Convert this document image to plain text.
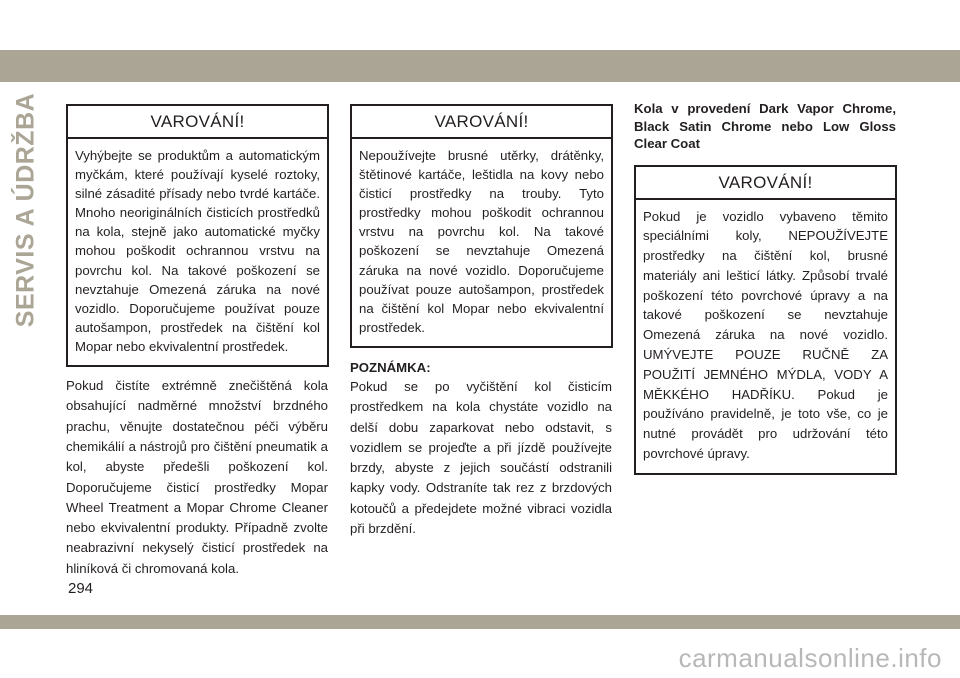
SERVIS A ÚDRŽBA	VAROVÁNÍ!
Vyhýbejte se produktům a automatickým myčkám, které používají kyselé roztoky, silné zásadité přísady nebo tvrdé kartáče. Mnoho neoriginálních čisticích prostředků na kola, stejně jako automatické myčky mohou poškodit ochrannou vrstvu na povrchu kol. Na takové poškození se nevztahuje Omezená záruka na nové vozidlo. Doporučujeme používat pouze autošampon, prostředek na čištění kol Mopar nebo ekvivalentní prostředek.

Pokud čistíte extrémně znečištěná kola obsahující nadměrné množství brzdného prachu, věnujte dostatečnou péči výběru chemikálií a nástrojů pro čištění pneumatik a kol, abyste předešli poškození kol. Doporučujeme čisticí prostředky Mopar Wheel Treatment a Mopar Chrome Cleaner nebo ekvivalentní produkty. Případně zvolte neabrazivní nekyselý čisticí prostředek na hliníková či chromovaná kola.

VAROVÁNÍ!
Nepoužívejte brusné utěrky, drátěnky, štětinové kartáče, leštidla na kovy nebo čisticí prostředky na trouby. Tyto prostředky mohou poškodit ochrannou vrstvu na povrchu kol. Na takové poškození se nevztahuje Omezená záruka na nové vozidlo. Doporučujeme používat pouze autošampon, prostředek na čištění kol Mopar nebo ekvivalentní prostředek.
POZNÁMKA:

Pokud se po vyčištění kol čisticím prostředkem na kola chystáte vozidlo na delší dobu zaparkovat nebo odstavit, s vozidlem se projeďte a při jízdě používejte brzdy, abyste z jejich součástí odstranili kapky vody. Odstraníte tak rez z brzdových kotoučů a předejdete možné vibraci vozidla při brzdění.

Kola v provedení Dark Vapor Chrome, Black Satin Chrome nebo Low Gloss Clear Coat

VAROVÁNÍ!
Pokud je vozidlo vybaveno těmito speciálními koly, NEPOUŽÍVEJTE prostředky na čištění kol, brusné materiály ani lešticí látky. Způsobí trvalé poškození této povrchové úpravy a na takové poškození se nevztahuje Omezená záruka na nové vozidlo. UMÝVEJTE POUZE RUČNĚ ZA POUŽITÍ JEMNÉHO MÝDLA, VODY A MĚKKÉHO HADŘÍKU. Pokud je používáno pravidelně, je toto vše, co je nutné provádět pro udržování této povrchové úpravy.
294
carmanualsonline.info
